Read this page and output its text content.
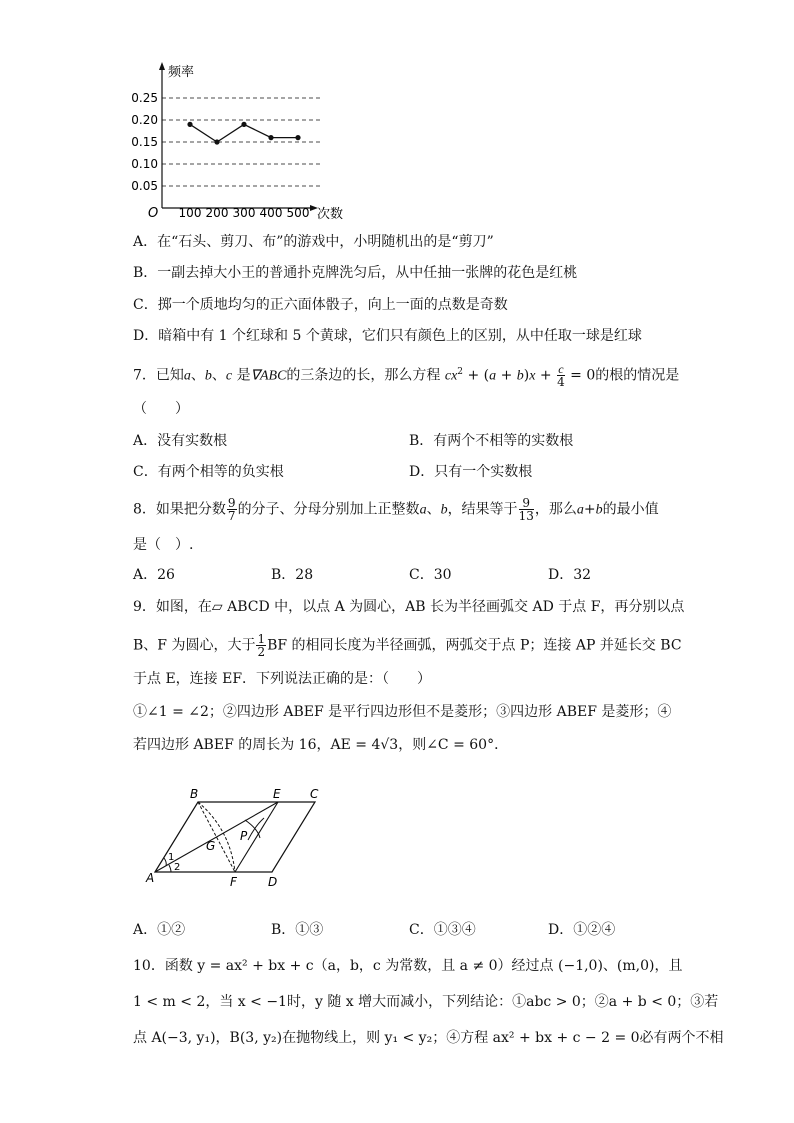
0.05
0.10
0.15
0.20
0.25
100 200 300 400 500
频率
次数
O
A．在“石头、剪刀、布”的游戏中，小明随机出的是“剪刀”
B．一副去掉大小王的普通扑克牌洗匀后，从中任抽一张牌的花色是红桃
C．掷一个质地均匀的正六面体骰子，向上一面的点数是奇数
D．暗箱中有 1 个红球和 5 个黄球，它们只有颜色上的区别，从中任取一球是红球
7．已知a、b、c 是∇ABC的三条边的长，那么方程 $cx^2 + (a + b)x + \frac{c}{4} = 0$的根的情况是
（　　）
A．没有实数根	B．有两个不相等的实数根
C．有两个相等的负实根	D．只有一个实数根
8．如果把分数 $\frac{9}{7}$ 的分子、分母分别加上正整数a、b，结果等于 $\frac{9}{13}$ ，那么a+b的最小值
是（　）.
A．26	B．28	C．30	D．32
9．如图，在▱ ABCD 中，以点 A 为圆心，AB 长为半径画弧交 AD 于点 F，再分别以点
B、F 为圆心，大于 $\frac{1}{2}$ BF 的相同长度为半径画弧，两弧交于点 P；连接 AP 并延长交 BC
于点 E，连接 EF．下列说法正确的是：（　　）
①∠1 = ∠2；②四边形 ABEF 是平行四边形但不是菱形；③四边形 ABEF 是菱形；④
若四边形 ABEF 的周长为 16，AE = 4√3，则∠C = 60°．
B	E C
A	F	D
G
P
1
2
A．①②	B．①③	C．①③④	D．①②④
10．函数 y = ax² + bx + c（a，b，c 为常数，且 a ≠ 0）经过点 (−1,0)、(m,0)，且
1 < m < 2，当 x < −1时，y 随 x 增大而减小，下列结论：①abc > 0；②a + b < 0；③若
点 A(−3, y₁)，B(3, y₂)在抛物线上，则 y₁ < y₂；④方程 ax² + bx + c − 2 = 0必有两个不相
